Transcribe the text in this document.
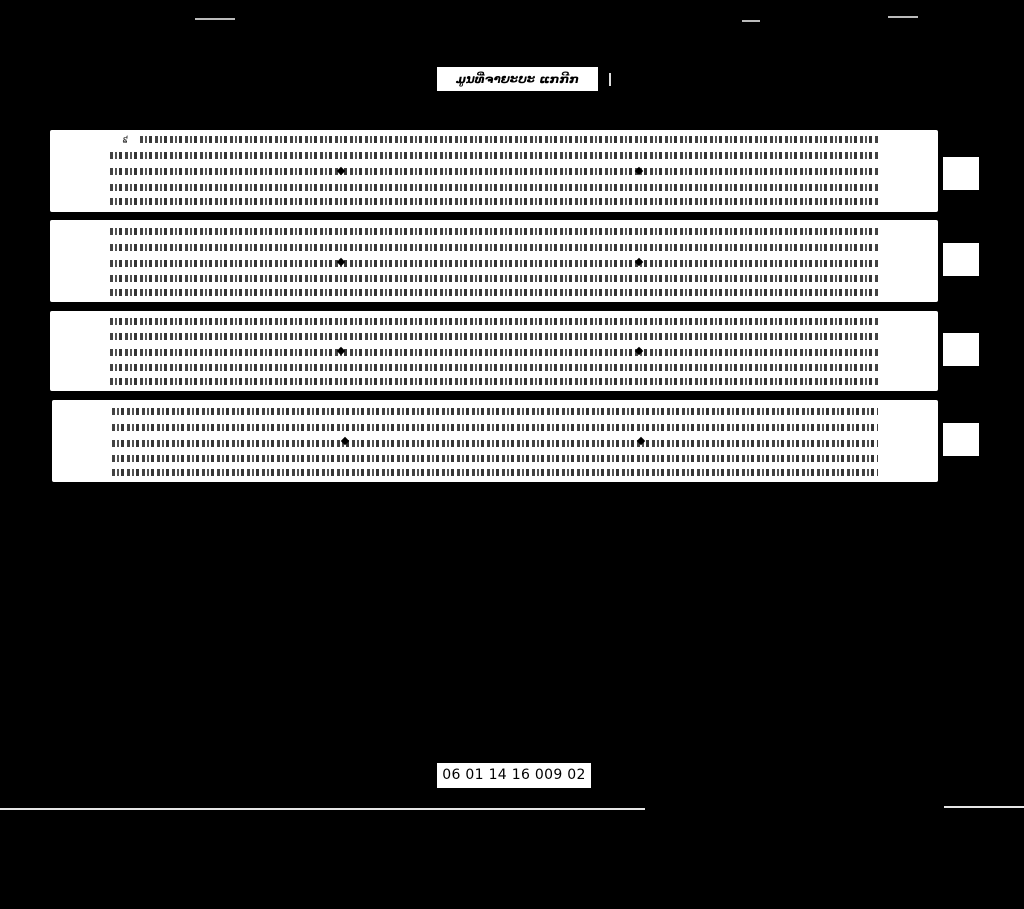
ມູນທີ່ຈາຍະບະ ແກກີກ
៩
06 01 14 16 009 02
